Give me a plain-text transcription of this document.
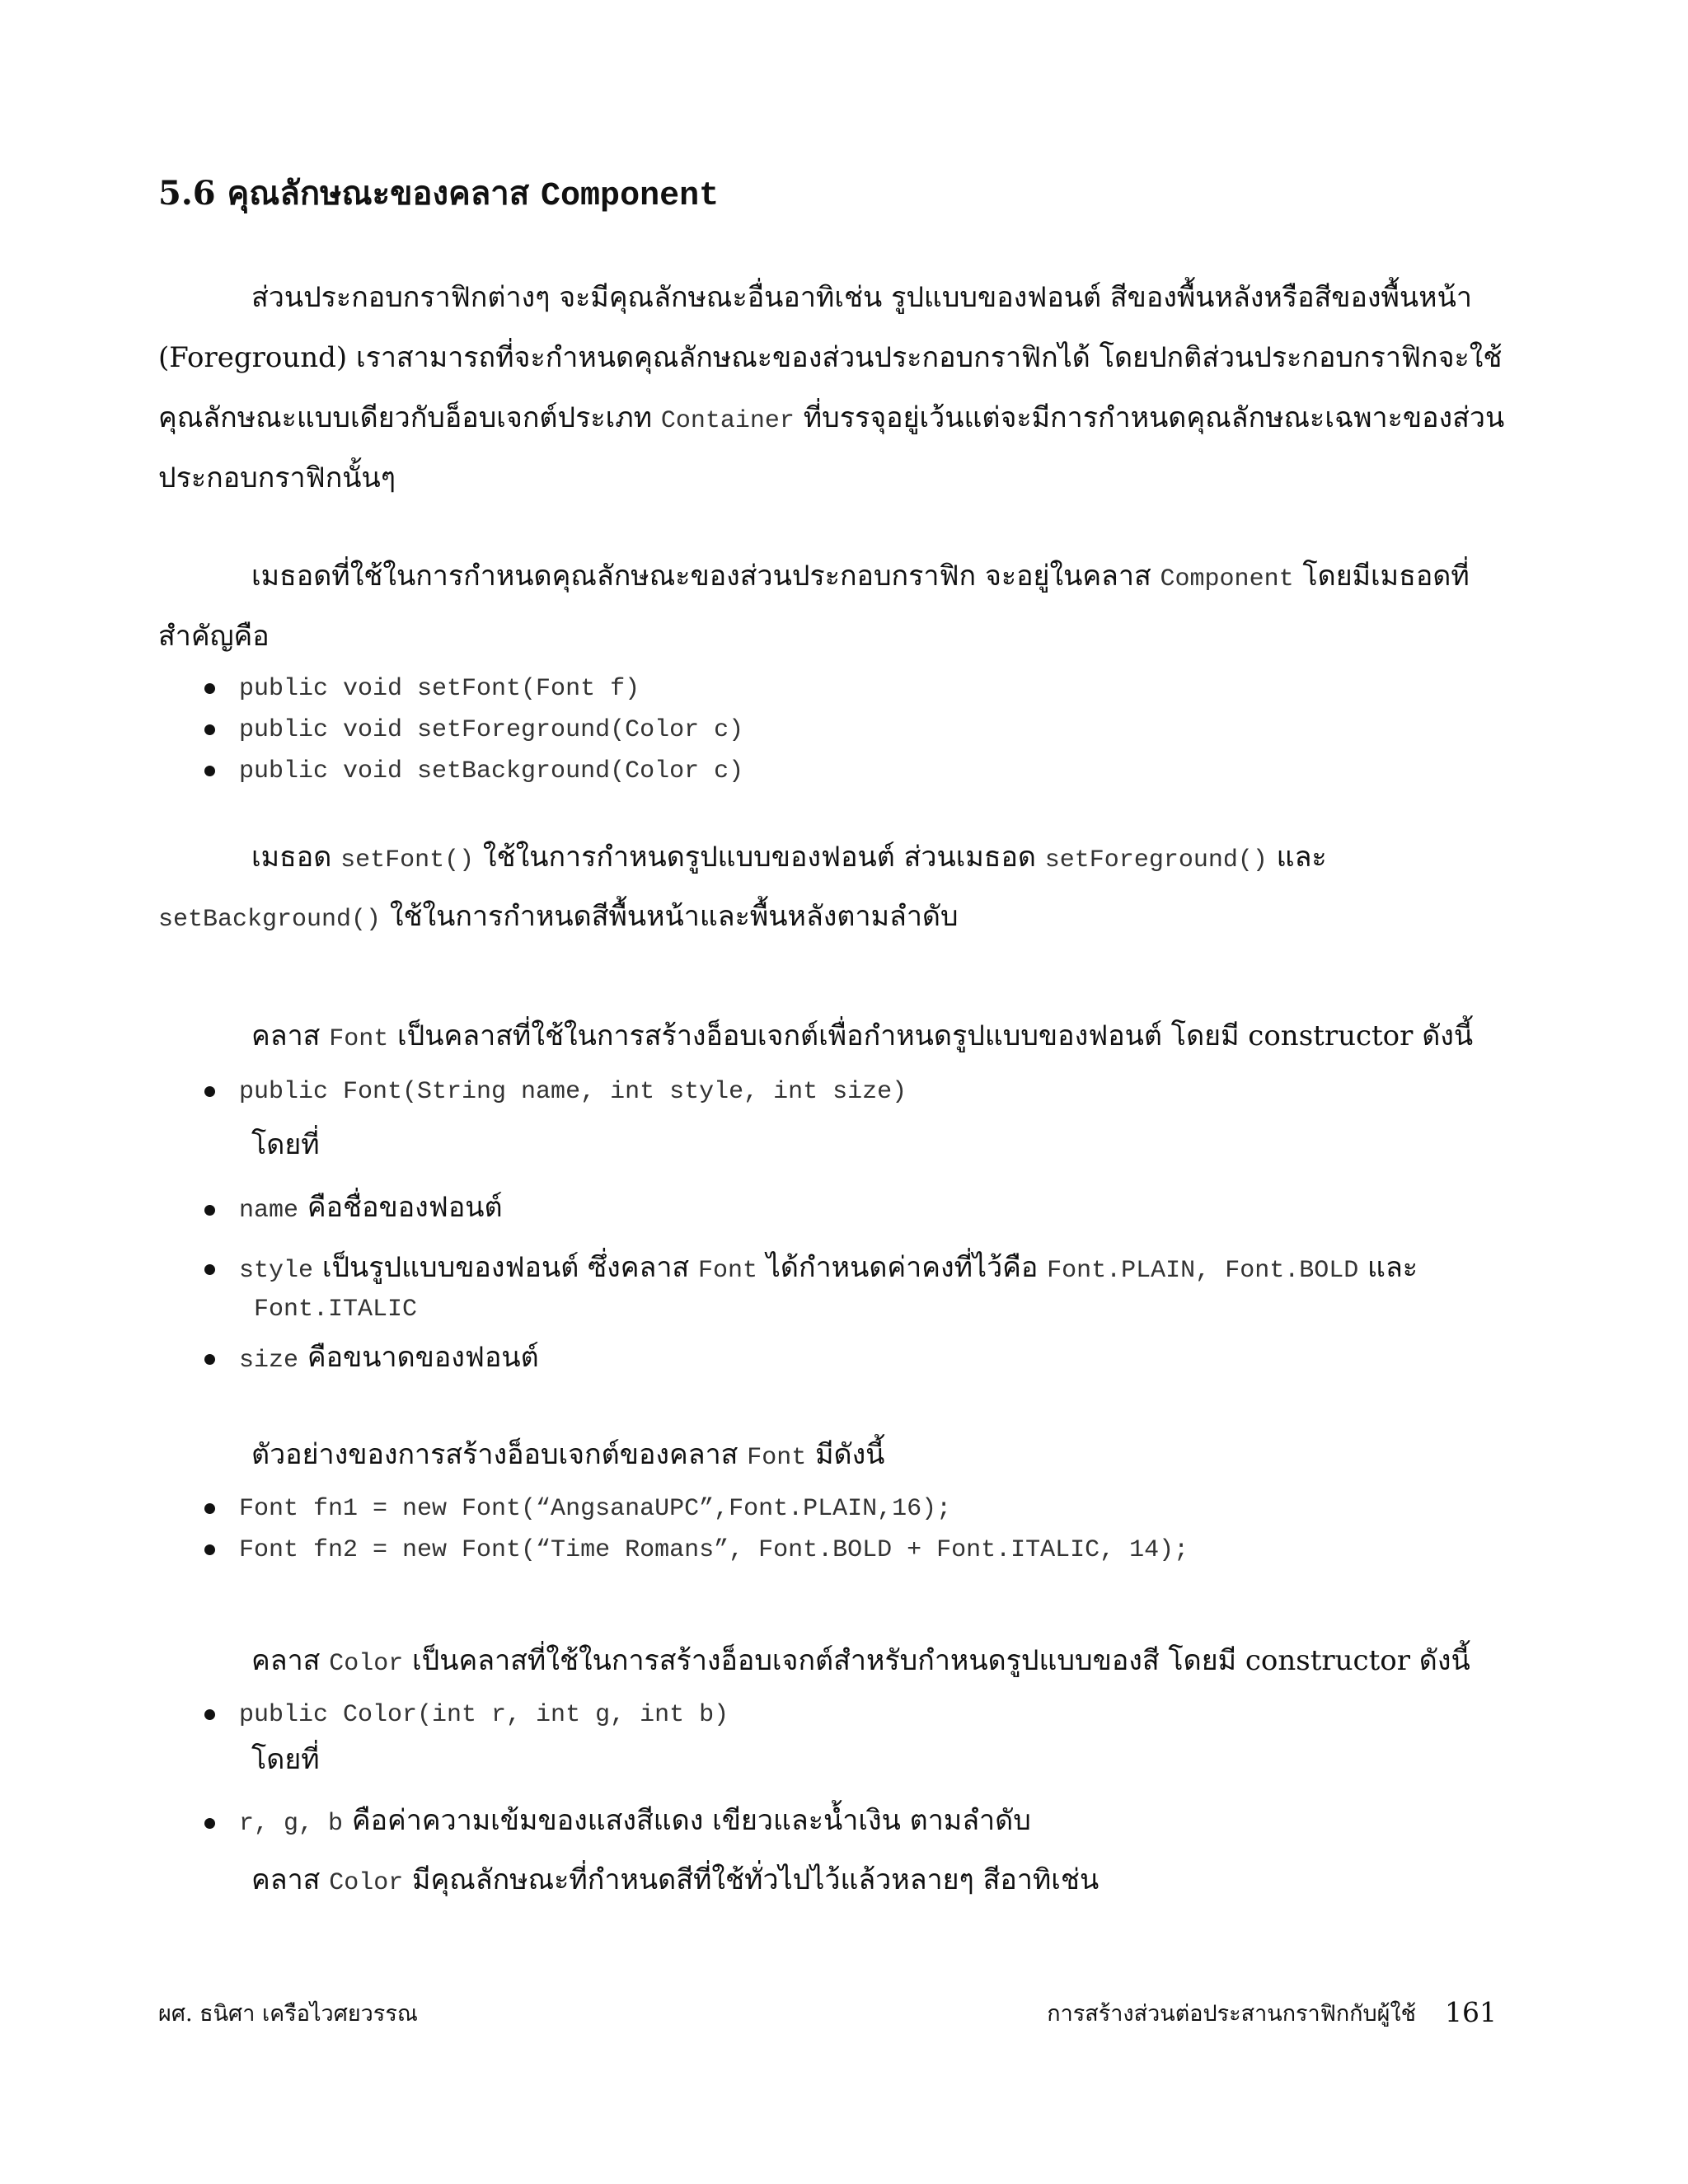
5.6 คุณลักษณะของคลาส Component
ส่วนประกอบกราฟิกต่างๆ จะมีคุณลักษณะอื่นอาทิเช่น รูปแบบของฟอนต์ สีของพื้นหลังหรือสีของพื้นหน้า
(Foreground) เราสามารถที่จะกำหนดคุณลักษณะของส่วนประกอบกราฟิกได้ โดยปกติส่วนประกอบกราฟิกจะใช้
คุณลักษณะแบบเดียวกับอ็อบเจกต์ประเภท Container ที่บรรจุอยู่เว้นแต่จะมีการกำหนดคุณลักษณะเฉพาะของส่วน
ประกอบกราฟิกนั้นๆ
เมธอดที่ใช้ในการกำหนดคุณลักษณะของส่วนประกอบกราฟิก จะอยู่ในคลาส Component โดยมีเมธอดที่
สำคัญคือ
public void setFont(Font f)
public void setForeground(Color c)
public void setBackground(Color c)
เมธอด setFont() ใช้ในการกำหนดรูปแบบของฟอนต์ ส่วนเมธอด setForeground() และ
setBackground() ใช้ในการกำหนดสีพื้นหน้าและพื้นหลังตามลำดับ
คลาส Font เป็นคลาสที่ใช้ในการสร้างอ็อบเจกต์เพื่อกำหนดรูปแบบของฟอนต์ โดยมี constructor ดังนี้
public Font(String name, int style, int size)
โดยที่
name คือชื่อของฟอนต์
style เป็นรูปแบบของฟอนต์ ซึ่งคลาส Font ได้กำหนดค่าคงที่ไว้คือ Font.PLAIN, Font.BOLD และ
Font.ITALIC
size คือขนาดของฟอนต์
ตัวอย่างของการสร้างอ็อบเจกต์ของคลาส Font มีดังนี้
Font fn1 = new Font(“AngsanaUPC”,Font.PLAIN,16);
Font fn2 = new Font(“Time Romans”, Font.BOLD + Font.ITALIC, 14);
คลาส Color เป็นคลาสที่ใช้ในการสร้างอ็อบเจกต์สำหรับกำหนดรูปแบบของสี โดยมี constructor ดังนี้
public Color(int r, int g, int b)
โดยที่
r, g, b คือค่าความเข้มของแสงสีแดง เขียวและน้ำเงิน ตามลำดับ
คลาส Color มีคุณลักษณะที่กำหนดสีที่ใช้ทั่วไปไว้แล้วหลายๆ สีอาทิเช่น
ผศ. ธนิศา เครือไวศยวรรณ	การสร้างส่วนต่อประสานกราฟิกกับผู้ใช้ 161
